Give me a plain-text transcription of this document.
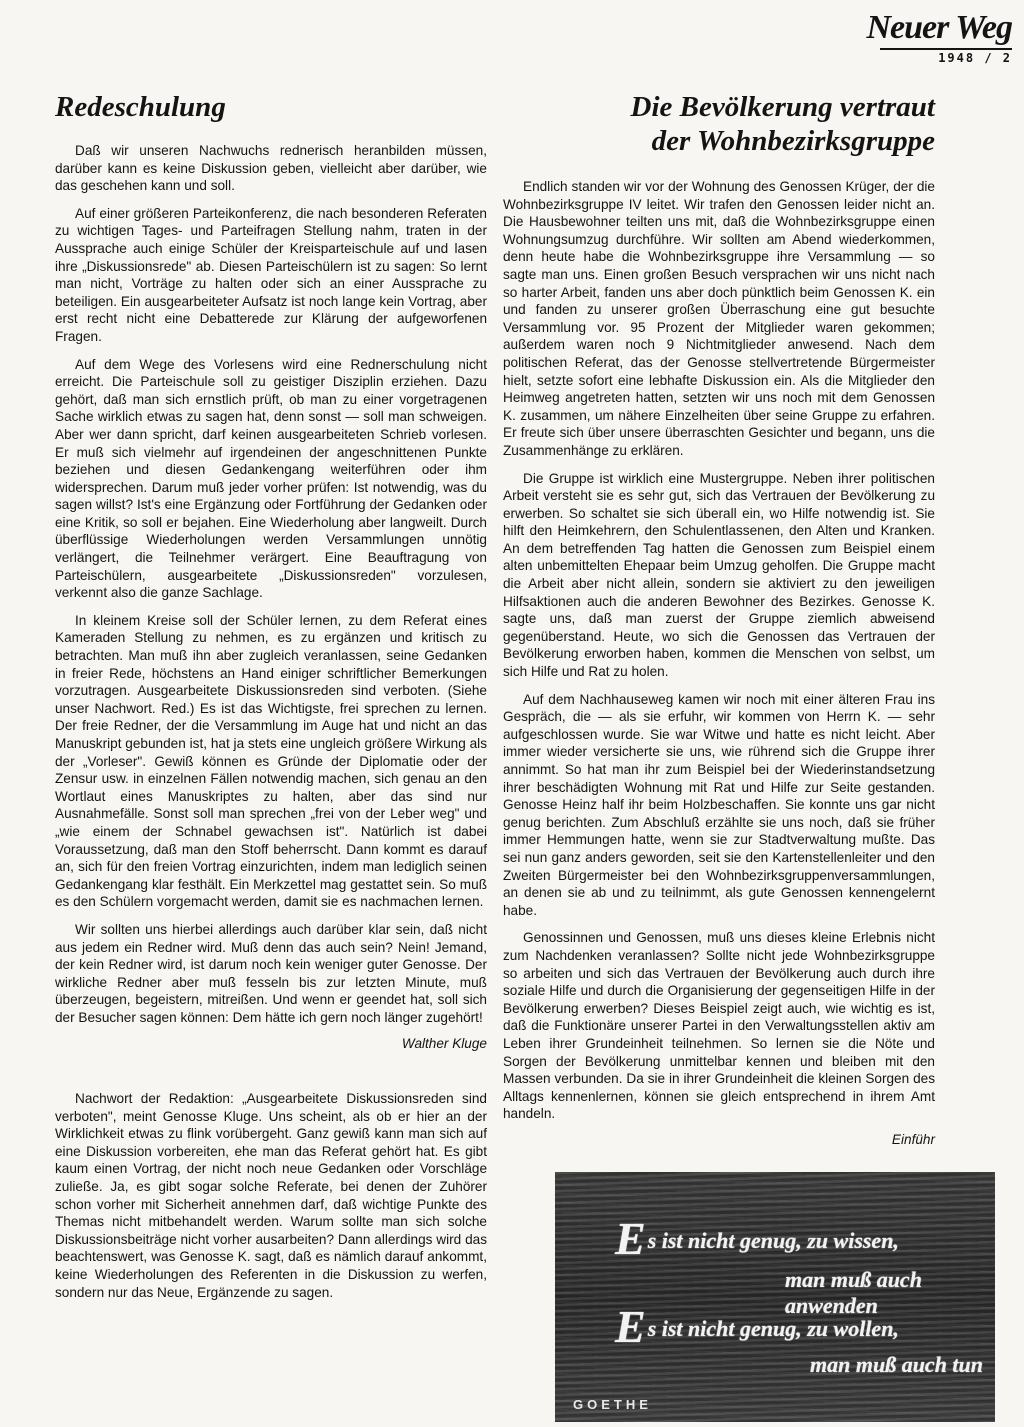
Neuer Weg
1948 / 2
Redeschulung

Daß wir unseren Nachwuchs rednerisch heranbilden müssen, darüber kann es keine Diskussion geben, vielleicht aber darüber, wie das geschehen kann und soll.

Auf einer größeren Parteikonferenz, die nach besonderen Referaten zu wichtigen Tages- und Parteifragen Stellung nahm, traten in der Aussprache auch einige Schüler der Kreisparteischule auf und lasen ihre „Diskussionsrede" ab. Diesen Parteischülern ist zu sagen: So lernt man nicht, Vorträge zu halten oder sich an einer Aussprache zu beteiligen. Ein ausgearbeiteter Aufsatz ist noch lange kein Vortrag, aber erst recht nicht eine Debatterede zur Klärung der aufgeworfenen Fragen.

Auf dem Wege des Vorlesens wird eine Rednerschulung nicht erreicht. Die Parteischule soll zu geistiger Disziplin erziehen. Dazu gehört, daß man sich ernstlich prüft, ob man zu einer vorgetragenen Sache wirklich etwas zu sagen hat, denn sonst — soll man schweigen. Aber wer dann spricht, darf keinen ausgearbeiteten Schrieb vorlesen. Er muß sich vielmehr auf irgendeinen der angeschnittenen Punkte beziehen und diesen Gedankengang weiterführen oder ihm widersprechen. Darum muß jeder vorher prüfen: Ist notwendig, was du sagen willst? Ist's eine Ergänzung oder Fortführung der Gedanken oder eine Kritik, so soll er bejahen. Eine Wiederholung aber langweilt. Durch überflüssige Wiederholungen werden Versammlungen unnötig verlängert, die Teilnehmer verärgert. Eine Beauftragung von Parteischülern, ausgearbeitete „Diskussionsreden" vorzulesen, verkennt also die ganze Sachlage.

In kleinem Kreise soll der Schüler lernen, zu dem Referat eines Kameraden Stellung zu nehmen, es zu ergänzen und kritisch zu betrachten. Man muß ihn aber zugleich veranlassen, seine Gedanken in freier Rede, höchstens an Hand einiger schriftlicher Bemerkungen vorzutragen. Ausgearbeitete Diskussionsreden sind verboten. (Siehe unser Nachwort. Red.) Es ist das Wichtigste, frei sprechen zu lernen. Der freie Redner, der die Versammlung im Auge hat und nicht an das Manuskript gebunden ist, hat ja stets eine ungleich größere Wirkung als der „Vorleser". Gewiß können es Gründe der Diplomatie oder der Zensur usw. in einzelnen Fällen notwendig machen, sich genau an den Wortlaut eines Manuskriptes zu halten, aber das sind nur Ausnahmefälle. Sonst soll man sprechen „frei von der Leber weg" und „wie einem der Schnabel gewachsen ist". Natürlich ist dabei Voraussetzung, daß man den Stoff beherrscht. Dann kommt es darauf an, sich für den freien Vortrag einzurichten, indem man lediglich seinen Gedankengang klar festhält. Ein Merkzettel mag gestattet sein. So muß es den Schülern vorgemacht werden, damit sie es nachmachen lernen.

Wir sollten uns hierbei allerdings auch darüber klar sein, daß nicht aus jedem ein Redner wird. Muß denn das auch sein? Nein! Jemand, der kein Redner wird, ist darum noch kein weniger guter Genosse. Der wirkliche Redner aber muß fesseln bis zur letzten Minute, muß überzeugen, begeistern, mitreißen. Und wenn er geendet hat, soll sich der Besucher sagen können: Dem hätte ich gern noch länger zugehört!

Walther Kluge

Nachwort der Redaktion: „Ausgearbeitete Diskussionsreden sind verboten", meint Genosse Kluge. Uns scheint, als ob er hier an der Wirklichkeit etwas zu flink vorübergeht. Ganz gewiß kann man sich auf eine Diskussion vorbereiten, ehe man das Referat gehört hat. Es gibt kaum einen Vortrag, der nicht noch neue Gedanken oder Vorschläge zuließe. Ja, es gibt sogar solche Referate, bei denen der Zuhörer schon vorher mit Sicherheit annehmen darf, daß wichtige Punkte des Themas nicht mitbehandelt werden. Warum sollte man sich solche Diskussionsbeiträge nicht vorher ausarbeiten? Dann allerdings wird das beachtenswert, was Genosse K. sagt, daß es nämlich darauf ankommt, keine Wiederholungen des Referenten in die Diskussion zu werfen, sondern nur das Neue, Ergänzende zu sagen.

Die Bevölkerung vertraut
der Wohnbezirksgruppe

Endlich standen wir vor der Wohnung des Genossen Krüger, der die Wohnbezirksgruppe IV leitet. Wir trafen den Genossen leider nicht an. Die Hausbewohner teilten uns mit, daß die Wohnbezirksgruppe einen Wohnungsumzug durchführe. Wir sollten am Abend wiederkommen, denn heute habe die Wohnbezirksgruppe ihre Versammlung — so sagte man uns. Einen großen Besuch versprachen wir uns nicht nach so harter Arbeit, fanden uns aber doch pünktlich beim Genossen K. ein und fanden zu unserer großen Überraschung eine gut besuchte Versammlung vor. 95 Prozent der Mitglieder waren gekommen; außerdem waren noch 9 Nichtmitglieder anwesend. Nach dem politischen Referat, das der Genosse stellvertretende Bürgermeister hielt, setzte sofort eine lebhafte Diskussion ein. Als die Mitglieder den Heimweg angetreten hatten, setzten wir uns noch mit dem Genossen K. zusammen, um nähere Einzelheiten über seine Gruppe zu erfahren. Er freute sich über unsere überraschten Gesichter und begann, uns die Zusammenhänge zu erklären.

Die Gruppe ist wirklich eine Mustergruppe. Neben ihrer politischen Arbeit versteht sie es sehr gut, sich das Vertrauen der Bevölkerung zu erwerben. So schaltet sie sich überall ein, wo Hilfe notwendig ist. Sie hilft den Heimkehrern, den Schulentlassenen, den Alten und Kranken. An dem betreffenden Tag hatten die Genossen zum Beispiel einem alten unbemittelten Ehepaar beim Umzug geholfen. Die Gruppe macht die Arbeit aber nicht allein, sondern sie aktiviert zu den jeweiligen Hilfsaktionen auch die anderen Bewohner des Bezirkes. Genosse K. sagte uns, daß man zuerst der Gruppe ziemlich abweisend gegenüberstand. Heute, wo sich die Genossen das Vertrauen der Bevölkerung erworben haben, kommen die Menschen von selbst, um sich Hilfe und Rat zu holen.

Auf dem Nachhauseweg kamen wir noch mit einer älteren Frau ins Gespräch, die — als sie erfuhr, wir kommen von Herrn K. — sehr aufgeschlossen wurde. Sie war Witwe und hatte es nicht leicht. Aber immer wieder versicherte sie uns, wie rührend sich die Gruppe ihrer annimmt. So hat man ihr zum Beispiel bei der Wiederinstandsetzung ihrer beschädigten Wohnung mit Rat und Hilfe zur Seite gestanden. Genosse Heinz half ihr beim Holzbeschaffen. Sie konnte uns gar nicht genug berichten. Zum Abschluß erzählte sie uns noch, daß sie früher immer Hemmungen hatte, wenn sie zur Stadtverwaltung mußte. Das sei nun ganz anders geworden, seit sie den Kartenstellenleiter und den Zweiten Bürgermeister bei den Wohnbezirksgruppenversammlungen, an denen sie ab und zu teilnimmt, als gute Genossen kennengelernt habe.

Genossinnen und Genossen, muß uns dieses kleine Erlebnis nicht zum Nachdenken veranlassen? Sollte nicht jede Wohnbezirksgruppe so arbeiten und sich das Vertrauen der Bevölkerung auch durch ihre soziale Hilfe und durch die Organisierung der gegenseitigen Hilfe in der Bevölkerung erwerben? Dieses Beispiel zeigt auch, wie wichtig es ist, daß die Funktionäre unserer Partei in den Verwaltungsstellen aktiv am Leben ihrer Grundeinheit teilnehmen. So lernen sie die Nöte und Sorgen der Bevölkerung unmittelbar kennen und bleiben mit den Massen verbunden. Da sie in ihrer Grundeinheit die kleinen Sorgen des Alltags kennenlernen, können sie gleich entsprechend in ihrem Amt handeln.

Einführ
Es ist nicht genug, zu wissen,
man muß auch anwenden
Es ist nicht genug, zu wollen,
man muß auch tun
GOETHE
